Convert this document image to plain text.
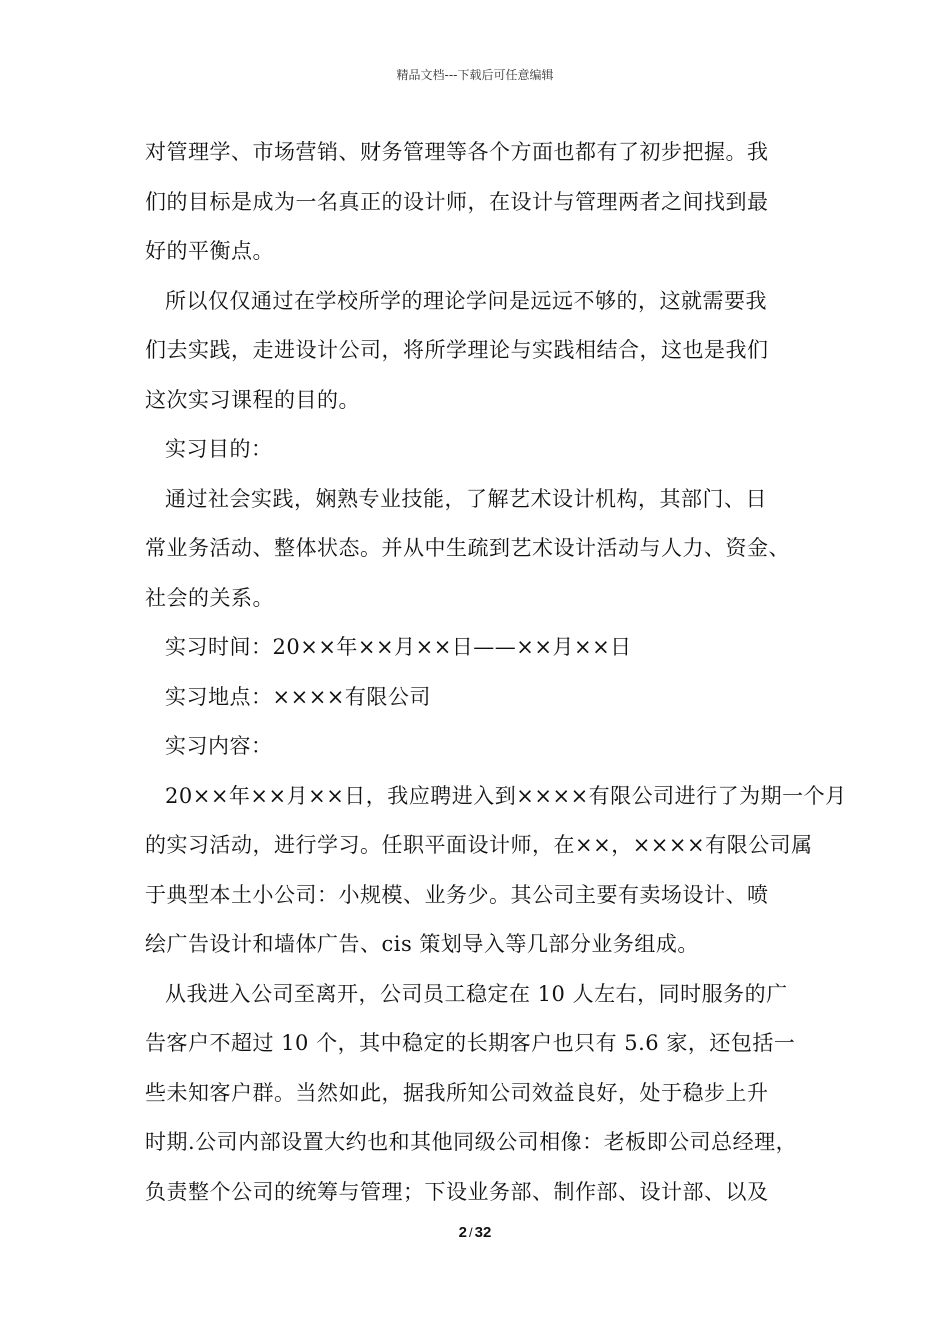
精品文档---下载后可任意编辑
对管理学、市场营销、财务管理等各个方面也都有了初步把握。我
们的目标是成为一名真正的设计师，在设计与管理两者之间找到最
好的平衡点。
所以仅仅通过在学校所学的理论学问是远远不够的，这就需要我
们去实践，走进设计公司，将所学理论与实践相结合，这也是我们
这次实习课程的目的。
实习目的：
通过社会实践，娴熟专业技能，了解艺术设计机构，其部门、日
常业务活动、整体状态。并从中生疏到艺术设计活动与人力、资金、
社会的关系。
实习时间：20××年××月××日——××月××日
实习地点：××××有限公司
实习内容：
20××年××月××日，我应聘进入到××××有限公司进行了为期一个月
的实习活动，进行学习。任职平面设计师，在××，××××有限公司属
于典型本土小公司：小规模、业务少。其公司主要有卖场设计、喷
绘广告设计和墙体广告、cis 策划导入等几部分业务组成。
从我进入公司至离开，公司员工稳定在 10 人左右，同时服务的广
告客户不超过 10 个，其中稳定的长期客户也只有 5.6 家，还包括一
些未知客户群。当然如此，据我所知公司效益良好，处于稳步上升
时期.公司内部设置大约也和其他同级公司相像：老板即公司总经理，
负责整个公司的统筹与管理；下设业务部、制作部、设计部、以及
2 / 32
